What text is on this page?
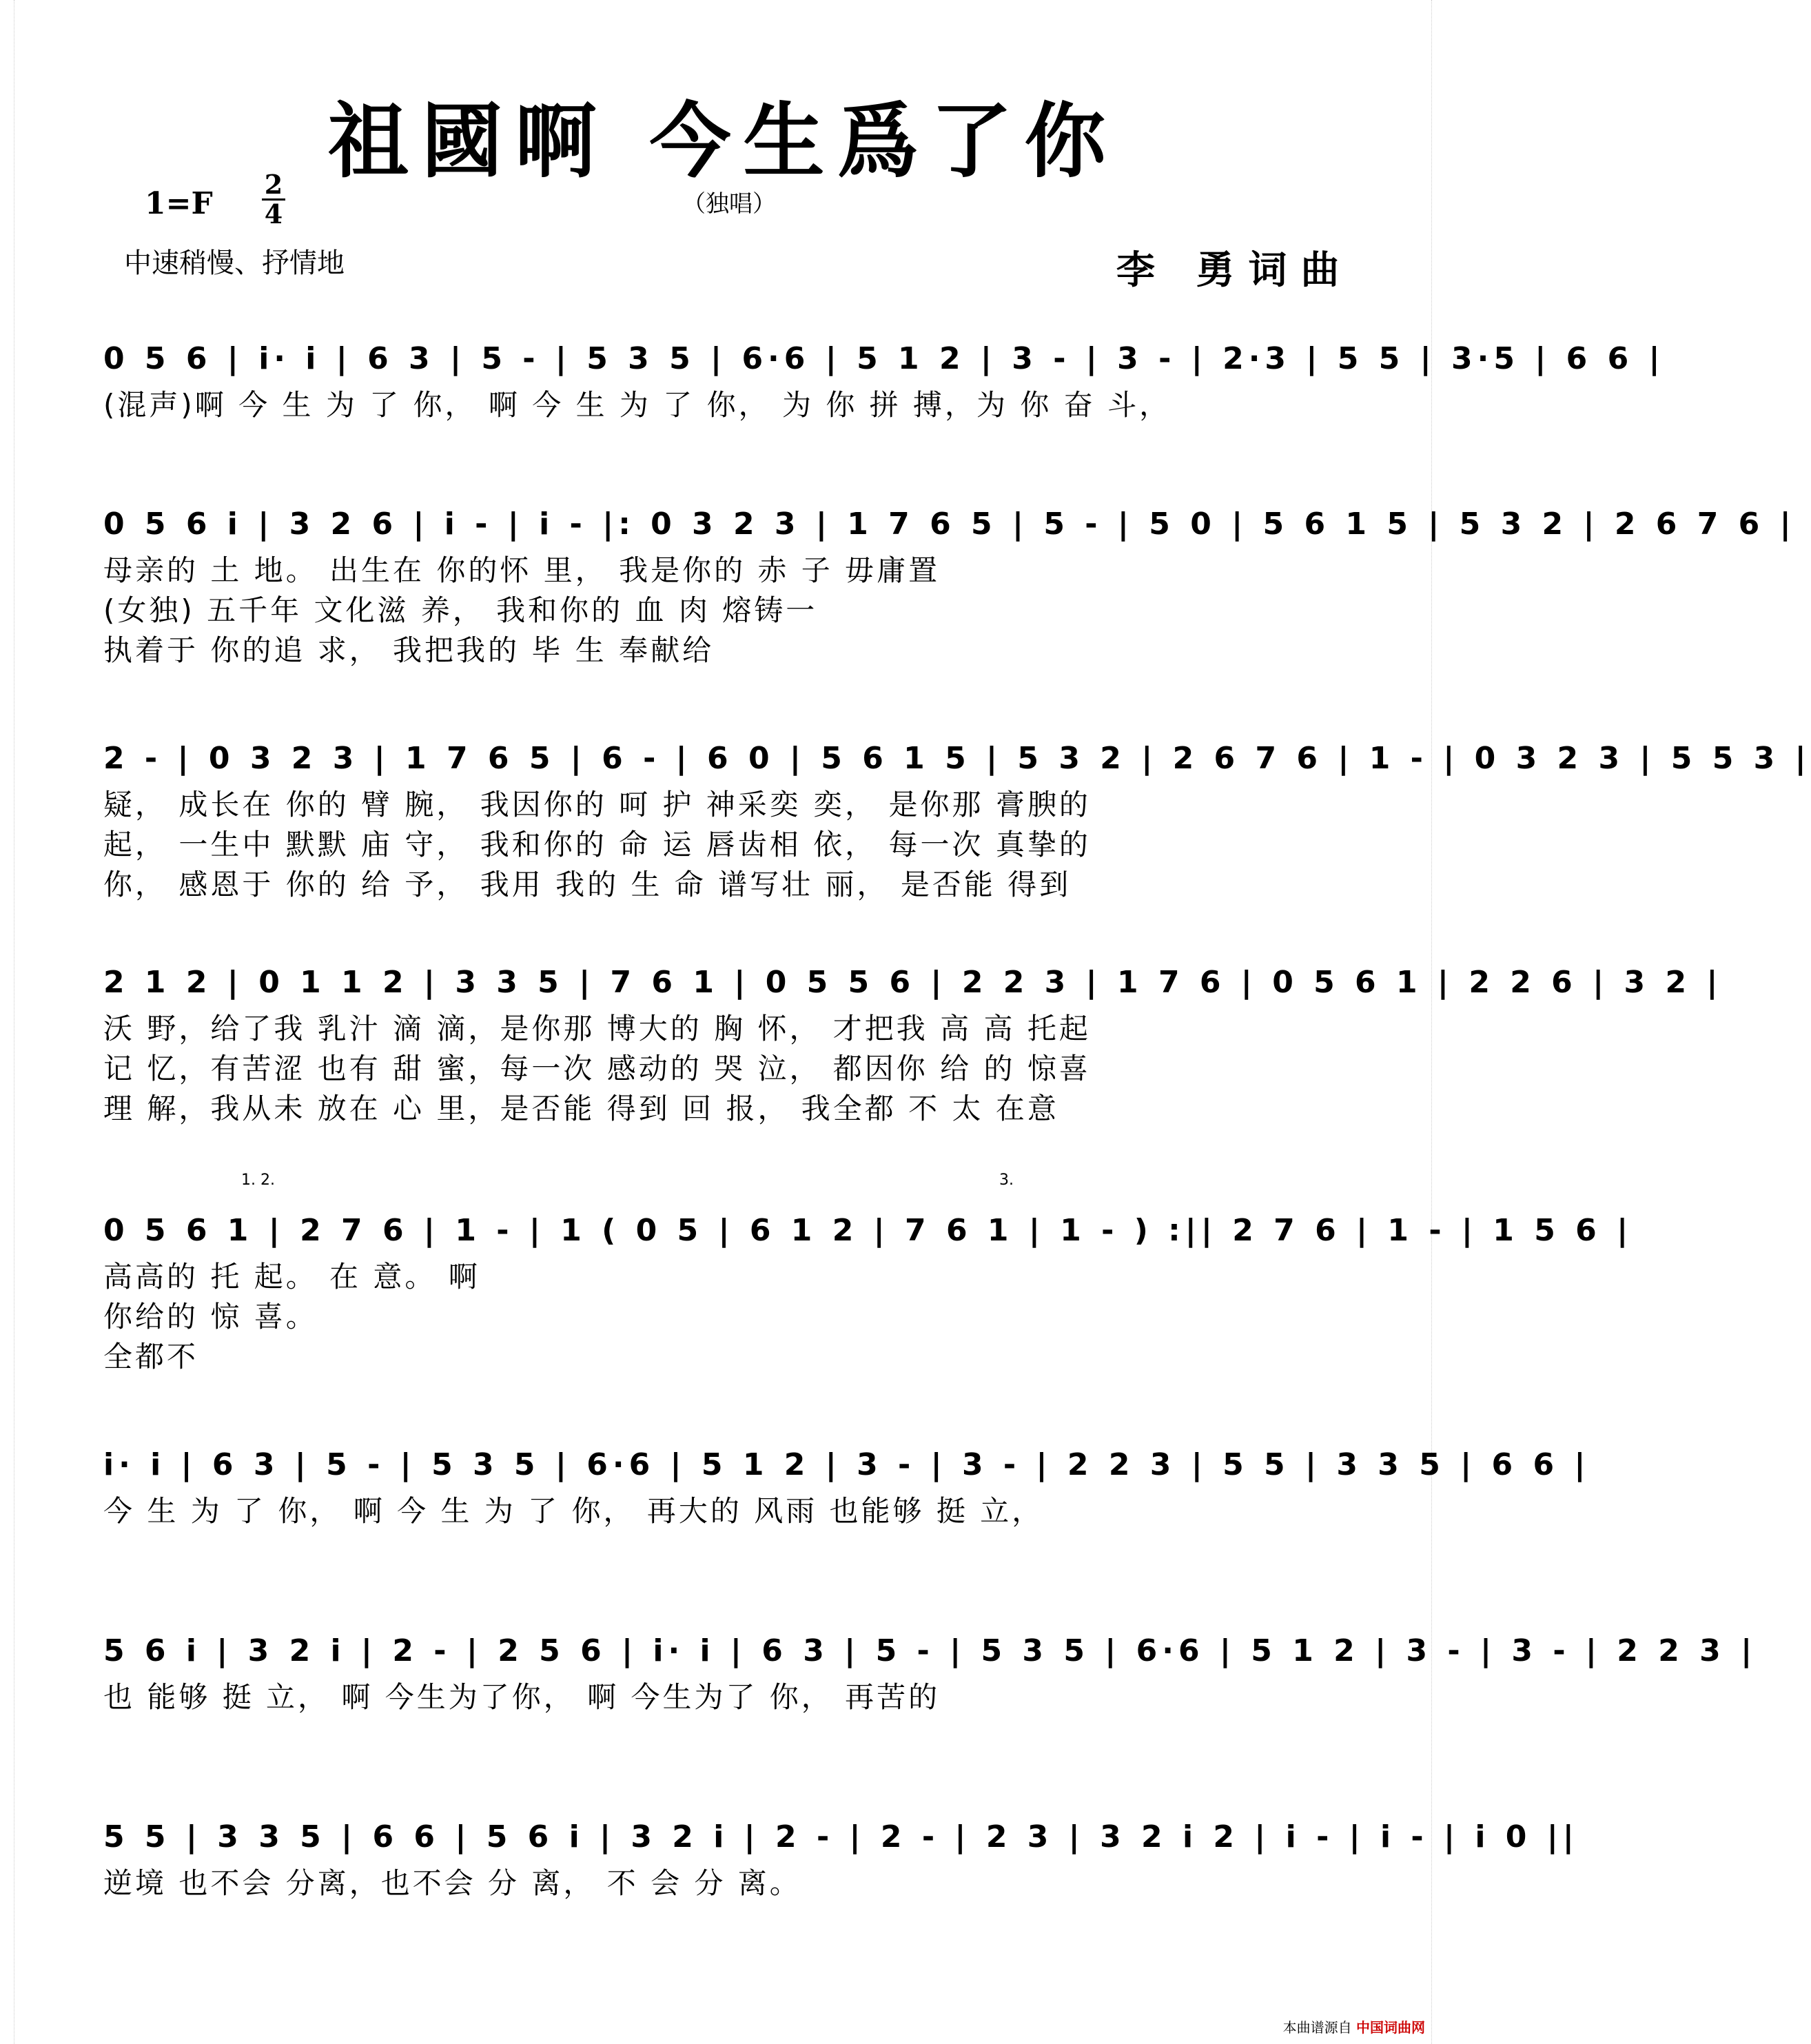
祖國啊 今生爲了你
（独唱）
1=F
2
4
中速稍慢、抒情地	李 勇词曲
0 5 6 | i· i | 6 3 | 5 - | 5 3 5 | 6·6 | 5 1 2 | 3 - | 3 - | 2·3 | 5 5 | 3·5 | 6 6 |
(混声)啊 今 生 为 了 你， 啊 今 生 为 了 你， 为 你 拼 搏，为 你 奋 斗，
0 5 6 i | 3 2 6 | i - | i - |: 0 3 2 3 | 1 7 6 5 | 5 - | 5 0 | 5 6 1 5 | 5 3 2 | 2 6 7 6 |
母亲的 土 地。 出生在 你的怀 里， 我是你的 赤 子 毋庸置
(女独) 五千年 文化滋 养， 我和你的 血 肉 熔铸一
执着于 你的追 求， 我把我的 毕 生 奉献给
2 - | 0 3 2 3 | 1 7 6 5 | 6 - | 6 0 | 5 6 1 5 | 5 3 2 | 2 6 7 6 | 1 - | 0 3 2 3 | 5 5 3 |
疑， 成长在 你的 臂 腕， 我因你的 呵 护 神采奕 奕， 是你那 膏腴的
起， 一生中 默默 庙 守， 我和你的 命 运 唇齿相 依， 每一次 真挚的
你， 感恩于 你的 给 予， 我用 我的 生 命 谱写壮 丽， 是否能 得到
2 1 2 | 0 1 1 2 | 3 3 5 | 7 6 1 | 0 5 5 6 | 2 2 3 | 1 7 6 | 0 5 6 1 | 2 2 6 | 3 2 |
沃 野，给了我 乳汁 滴 滴，是你那 博大的 胸 怀， 才把我 高 高 托起
记 忆，有苦涩 也有 甜 蜜，每一次 感动的 哭 泣， 都因你 给 的 惊喜
理 解，我从未 放在 心 里，是否能 得到 回 报， 我全都 不 太 在意
1. 2.	3.
0 5 6 1 | 2 7 6 | 1 - | 1 ( 0 5 | 6 1 2 | 7 6 1 | 1 - ) :|| 2 7 6 | 1 - | 1 5 6 |
高高的 托 起。 在 意。 啊
你给的 惊 喜。
全都不
i· i | 6 3 | 5 - | 5 3 5 | 6·6 | 5 1 2 | 3 - | 3 - | 2 2 3 | 5 5 | 3 3 5 | 6 6 |
今 生 为 了 你， 啊 今 生 为 了 你， 再大的 风雨 也能够 挺 立，
5 6 i | 3 2 i | 2 - | 2 5 6 | i· i | 6 3 | 5 - | 5 3 5 | 6·6 | 5 1 2 | 3 - | 3 - | 2 2 3 |
也 能够 挺 立， 啊 今生为了你， 啊 今生为了 你， 再苦的
5 5 | 3 3 5 | 6 6 | 5 6 i | 3 2 i | 2 - | 2 - | 2 3 | 3 2 i 2 | i - | i - | i 0 ||
逆境 也不会 分离，也不会 分 离， 不 会 分 离。
本曲谱源自 中国词曲网
